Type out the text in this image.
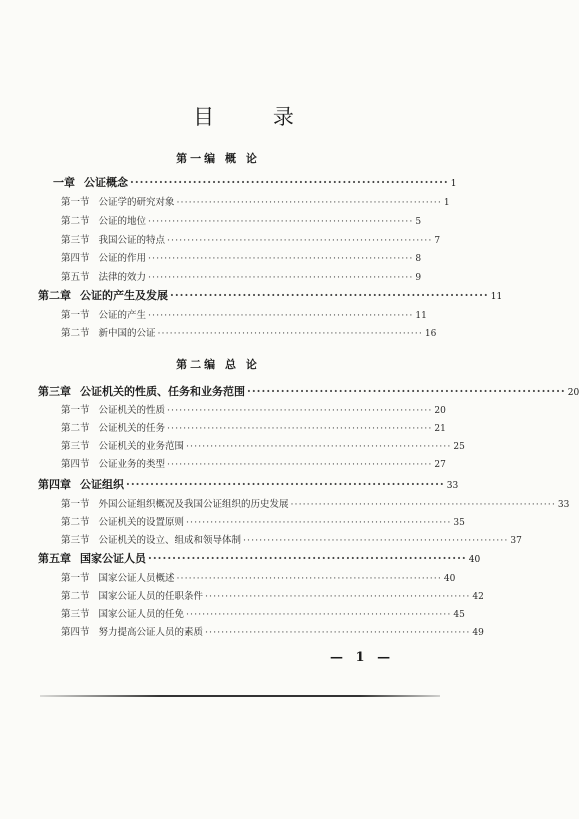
目 录
第一编 概 论
一章 公证概念 ·································································· 1
第一节 公证学的研究对象 ·································································· 1
第二节 公证的地位 ·································································· 5
第三节 我国公证的特点 ·································································· 7
第四节 公证的作用 ·································································· 8
第五节 法律的效力 ·································································· 9
第二章 公证的产生及发展 ·································································· 11
第一节 公证的产生 ·································································· 11
第二节 新中国的公证 ·································································· 16
第二编 总 论
第三章 公证机关的性质、任务和业务范围 ·································································· 20
第一节 公证机关的性质 ·································································· 20
第二节 公证机关的任务 ·································································· 21
第三节 公证机关的业务范围 ·································································· 25
第四节 公证业务的类型 ·································································· 27
第四章 公证组织 ·································································· 33
第一节 外国公证组织概况及我国公证组织的历史发展 ·································································· 33
第二节 公证机关的设置原则 ·································································· 35
第三节 公证机关的设立、组成和领导体制 ·································································· 37
第五章 国家公证人员 ·································································· 40
第一节 国家公证人员概述 ·································································· 40
第二节 国家公证人员的任职条件 ·································································· 42
第三节 国家公证人员的任免 ·································································· 45
第四节 努力提高公证人员的素质 ·································································· 49
— 1 —
